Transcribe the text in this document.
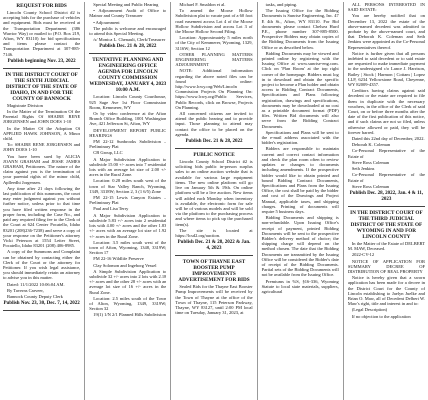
REQUEST FOR BIDS
Lincoln County School District #2 is accepting bids for the purchase of vehicles and equipment. Bids must be received at the Transportation Department (386 Warrior Way) or mailed to (P.O. Box 219, Afton, WY 83110) for bid specifications and items please contact the Transportation Department at 307-885-7146.
Publish beginning Nov. 23, 2022
IN THE DISTRICT COURT OF THE SIXTH JUDICIAL DISTRICT OF THE STATE OF IDAHO, IN AND FOR THE COUNTY OF BANNOCK
Magistrate Division
In the Matter of the Termination Of the Parental Rights Of SHAIRE RENE JORGENSEN and JOHN DOES 1-10
In the Matter Of the Adoption Of APPLIED HAWK JOHNSON, A Minor child.
To: SHAIRE RENE JORGENSEN and JOHN DOES 1-10
You have been sued by ALICIA JOANN GRAHAM and JESSE JAMES GRAHAM, Petitioners. The nature of the claim against you is the termination of your parental rights of the minor child, Aplleedhi Jorgensen.
Any time after 21 days following the last publication of this summons, the court may enter judgment against you without further notice, unless prior to that time you have filed written response in the proper form, including the Case No., and paid any required filing fee to the Clerk of the Court at 624 Center Pocatello, Idaho 83201 (208)236-7238) and serve a copy of your response on the Petitioner's attorney Vicki Peterson at 1554 Leiter Street, Pocatello, Idaho 83201 (208) 406-8985.
A copy of the Summons and Complaint can be obtained by contacting either the Clerk of the Court or the attorney for Petitioner. If you wish legal assistance, you should immediately retain an attorney to advise you in this matter.
Dated: 11/1/2022 10:06:04 AM.
By Taverns Carveer,
Bannock County Deputy Clerk
Publish Nov. 23, 30, Dec. 7, 14, 2022
Special Meeting and Public Hearing
• Adjournment Audit of Office to Mainor and County Treasurer
• Adjournment
The public is welcome and encouraged to attend this Special Meeting.
/s/ Monica L. Chenault, Clerk/Treasurer
Publish Dec. 21 & 28, 2022
TENTATIVE PLANNING AND ENGINEERING OFFICE AGENDA FOR LINCOLN COUNTY COMMISSION WEDNESDAY, JANUARY 4, 2023 10:00 A.M.
Location: Lincoln County Courthouse, 925 Sage Ave 1st Floor Commission Room, Kemmerer, WY
Or by video conference at the Afton Branch Office Building, 1001 Washington Ave, 421 Jefferson St, Afton, WY
DEVELOPMENT REPORT PUBLIC HEARINGS
FM 22-12 Sunbrooks Subdivision – Preliminary Plat
CB Group, LLC
A Major Subdivision Application to subdivide 15.00 +/- acres into 7 residential lots with an average lot size of 2.00 +/- acres in the Rural Zone.
Location: 0.28 miles south west of the town of Star Valley Ranch, Wyoming, 1349, 3318W; Section 2, 3 (1 6/5) Zone
FM 22-15 Lewis Canyon Estates – Preliminary Plat
Paul and Lisa Terry
A Major Subdivision Application to subdivide 5.83 +/- acres into 2 residential lots with 4.00 +/- acres and the other 1.83 +/- acres with an average lot size of 1.92 +/- acres in the Rural Zone.
Location: 3.5 miles south west of the town of Afton, Wyoming, 1348, 3319W; Section 17
FM 22-16 Wildlife Preserve
Clay Solomon and Ingeborg Vessel
A Simple Subdivision Application to subdivide 32 +/- acres into 2 lots with 2.18 +/- acres and the other 28 +/- acres with an average lot size of 16 +/- acres in the Rural Zone.
Location: 2.5 miles south of the Town of Alton, Wyoming, 1349, 3319W; Section 32
19(1) 1/N 2/1 Planned Hills Subdivision
Michael F. Smaldon et al.
To amend the Moose Hollow Subdivision plat to vacate part of a 60 foot road easement across Lot 4 of the Moose Hollow Subdivision and across Lot 3 of the Moose Hollow Second Filing.
Location: Approximately 5 miles north of the City of Kemmerer, Wyoming, 1329, 3116W; Section 12
OTHER PLANNING MATTERS ENGINEERING MATTERS ADJOURNMENT
NOTE: Additional information regarding the above noted files can be found online: http://www.lcwy.org/Web/Lincoln Commission Projects On Planning On: https://www.lcwy.org/Public Services, Public Records, click on Browse, Projects On Planning.
All concerned citizens are invited to attend the public hearing and to provide input. Those planning to attend may contact the office to be placed on the agenda.
Publish Dec. 21 & 28, 2022
PUBLIC NOTICE
Lincoln County School District #2 is soliciting bids public in-person surplus sales to an online auction website that is available for various large equipment items. The new online platform will go live on January 5th & 19th. On online platform will be a live auction. New items will added each Monday when inventory is available, the electronic form for sale will be of various models and will be sold via the platform to the purchasing process and where items to pick up the purchased item(s).
The site is located at https://lcsd2.org/auction.
Publish Dec. 21 & 28, 2022 & Jan. 4, 2023
TOWN OF THAYNE EAST BOOSTER PUMP IMPROVEMENTS ADVERTISEMENT FOR BIDS
Sealed Bids for the Thayne East Booster Pump Improvements will be received by the Town of Thayne at the office of the Town of Thayne, 115 Peterson Parkway, Thayne, WY 83127, until 2:00 PM local time on Tuesday, January 31, 2023, at
tasks, and piping.
The Issuing Office for the Bidding Documents is Sunrise Engineering, Inc. 47 E 4th St., Afton, WY 83110. For Bid documents please contact Chelsea Hurd P.E., phone number 307-885-8500. Prospective Bidders may obtain copies of the Bidding Documents from the Issuing Office or as described below.
Bidding Documents may be viewed and printed online by registering with the Issuing Office at www.sunrise-eng.com. Click on 'Plan Room' at the top right corner of the homepage. Bidders must log in to download and obtain the specific project to become a Plan holder and obtain access to Bidding Contract Documents, Specifications and Plans following registration, drawings and specifications, documents may be downloaded at no cost as a printable document format (PDF) files. Written Bid documents will also serve from the Bidding Contract Documents.
Specifications and Plans will be sent to the e-mail address associated with the bidder's registration.
Bidders are responsible to maintain current and correct contact information and check the plan room often to review updates or changes to documents including amendments. If the prospective bidder would like to obtain printed and bound Bidding Contract Documents, Specifications and Plans from the Issuing Office, the cost shall be paid by the bidder and cost of the Drawings and Project Manual, applicable taxes, and shipping charges. Printing of documents will require 5 business days.
Bidding Documents and shipping is non-refundable. Upon Issuing Office's receipt of payment, printed Bidding Documents will be sent to the prospective Bidder's delivery method of choice; the shipping charge will depend on the method chosen. The date that the Bidding Documents are transmitted by the Issuing Office will be considered the Bidder's date of receipt of the Bidding Documents. Partial sets of the Bidding Documents will not be available from the Issuing Office.
Premiums in %S, §16-336, Wyoming Statute to local state materials, suppliers, agricultural
ALL PERSONS INTERESTED IN SAID ESTATE:
You are hereby notified that on December 13, 2022 the estate of the above-named decedent was admitted to probate by the above-named court, and that Deborah K. Coleman and Seth Jenkins were appointed as the Co-Personal Representatives thereof.
Notice is further given that all persons indebted to said decedent or to said estate are requested to make immediate payment to the undersigned c/o Lance J. Harrison, Bailey | Stock | Harmon | Cottam | Lopez LLP, 6234 Yellowstone Road, Cheyenne, WY 82009-4357.
Creditors having claims against said decedent or the estate are required to file them in duplicate with the necessary vouchers, in the office of the Clerk of said Court, on or before three months after the date of the first publication of this notice, and if such claims are not so filed, unless otherwise allowed or paid, they will be forever barred.
Dated this 22nd day of December, 2022.
Deborah K. Coleman
Co-Personal Representative of the Estate of
Steve Ross Coleman
Seth Jenkins
Co-Personal Representative of the Estate of
Steve Ross Coleman
Publish Dec. 28, 2022, Jan. 4 & 11, 2023
IN THE DISTRICT COURT OF THE THIRD JUDICIAL DISTRICT OF THE STATE OF WYOMING IN AND FOR LINCOLN COUNTY
In the Matter of the Estate of DELBERT M. MAW, Deceased.
2022-CV-12
NOTICE OF APPLICATION FOR SUMMARY DECREE OF DISTRIBUTION OF REAL PROPERTY
Notice is hereby given that a sworn application has been made for a decree in the District Court for the County of Lincoln establishing to Jaelyn Juelke and Brian O. Maw, all of Decedent Delbert W. Maw's right, title and interest in and to:
(Legal Description)
If no objection to the application
